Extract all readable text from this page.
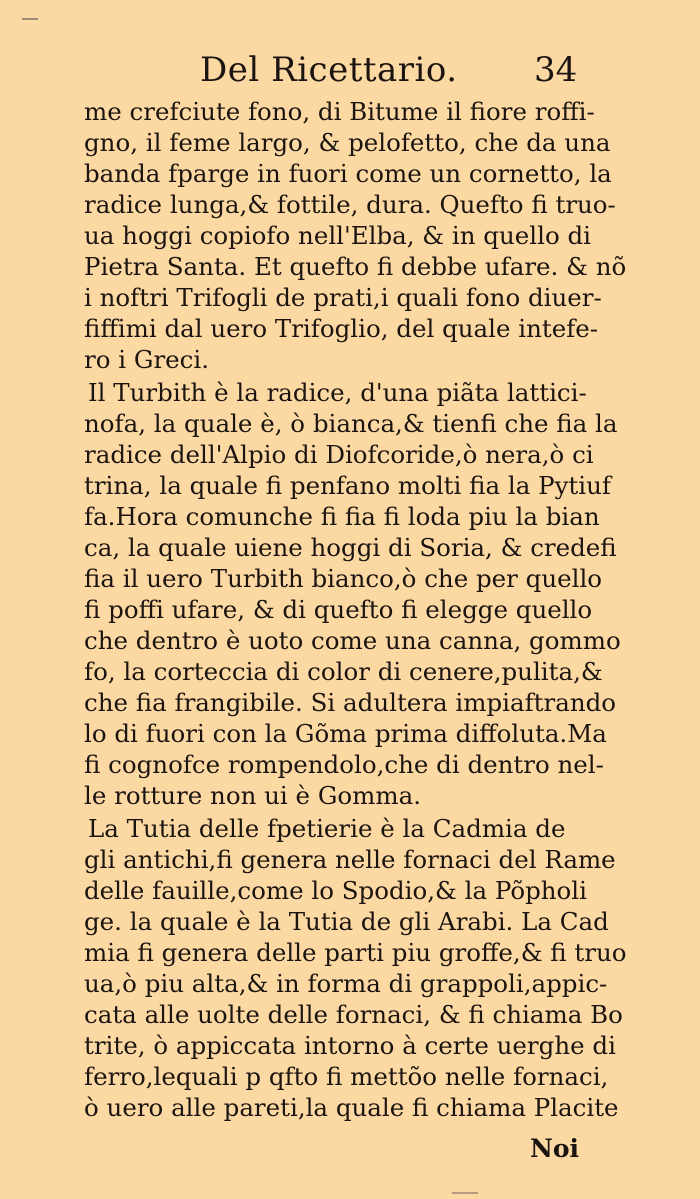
Del Ricettario. 34
me crefciute fono, di Bitume il fiore roffi-
gno, il feme largo, & pelofetto, che da una
banda fparge in fuori come un cornetto, la
radice lunga,& fottile, dura. Quefto fi truo-
ua hoggi copiofo nell'Elba, & in quello di
Pietra Santa. Et quefto fi debbe ufare. & nõ
i noftri Trifogli de prati,i quali fono diuer-
fiffimi dal uero Trifoglio, del quale intefe-
ro i Greci.
Il Turbith è la radice, d'una piãta lattici-
nofa, la quale è, ò bianca,& tienfi che fia la
radice dell'Alpio di Diofcoride,ò nera,ò ci
trina, la quale fi penfano molti fia la Pytiuf
fa.Hora comunche fi fia fi loda piu la bian
ca, la quale uiene hoggi di Soria, & credefi
fia il uero Turbith bianco,ò che per quello
fi poffi ufare, & di quefto fi elegge quello
che dentro è uoto come una canna, gommo
fo, la corteccia di color di cenere,pulita,&
che fia frangibile. Si adultera impiaftrando
lo di fuori con la Gõma prima diffoluta.Ma
fi cognofce rompendolo,che di dentro nel-
le rotture non ui è Gomma.
La Tutia delle fpetierie è la Cadmia de
gli antichi,fi genera nelle fornaci del Rame
delle fauille,come lo Spodio,& la Põpholi
ge. la quale è la Tutia de gli Arabi. La Cad
mia fi genera delle parti piu groffe,& fi truo
ua,ò piu alta,& in forma di grappoli,appic-
cata alle uolte delle fornaci, & fi chiama Bo
trite, ò appiccata intorno à certe uerghe di
ferro,lequali p qfto fi mettõo nelle fornaci,
ò uero alle pareti,la quale fi chiama Placite
Noi
